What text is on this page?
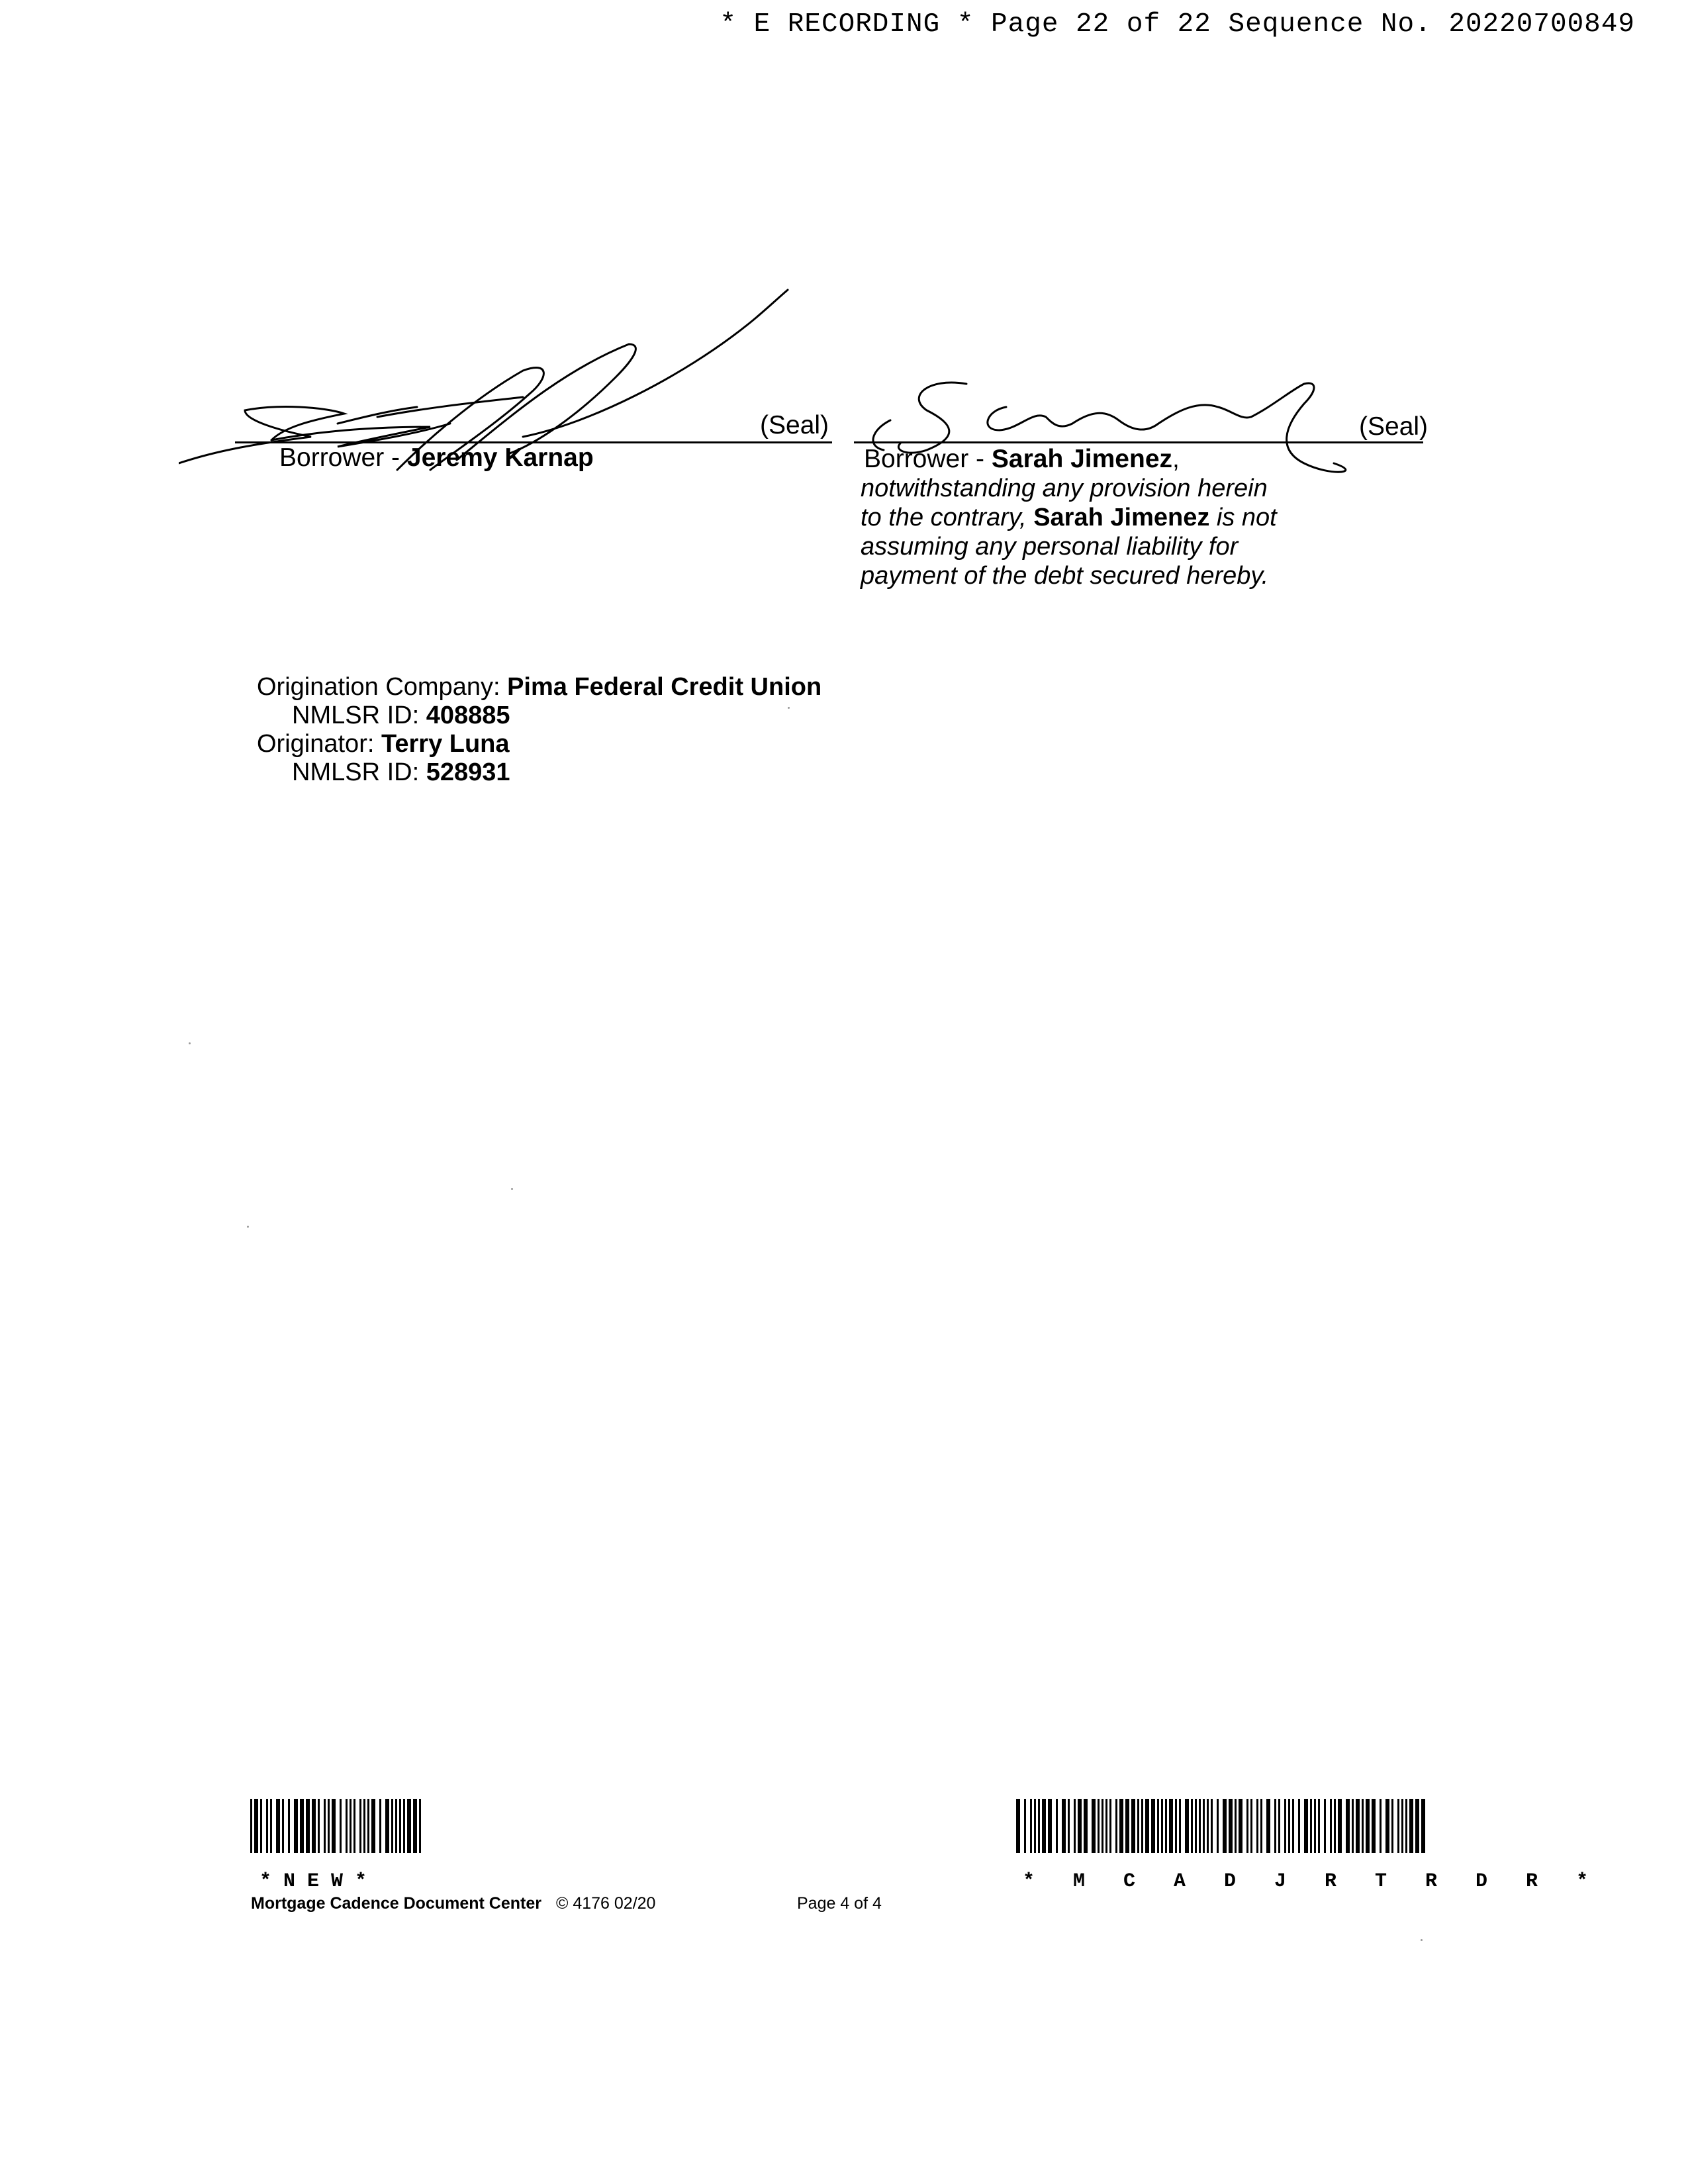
* E RECORDING * Page 22 of 22 Sequence No. 20220700849
(Seal)
Borrower - Jeremy Karnap
(Seal)
Borrower - Sarah Jimenez,
notwithstanding any provision herein to the contrary, Sarah Jimenez is not assuming any personal liability for payment of the debt secured hereby.
Origination Company: Pima Federal Credit Union
NMLSR ID: 408885
Originator: Terry Luna
NMLSR ID: 528931
* N E W *	* M C A D J R T R D R *
Mortgage Cadence Document Center © 4176 02/20	Page 4 of 4
